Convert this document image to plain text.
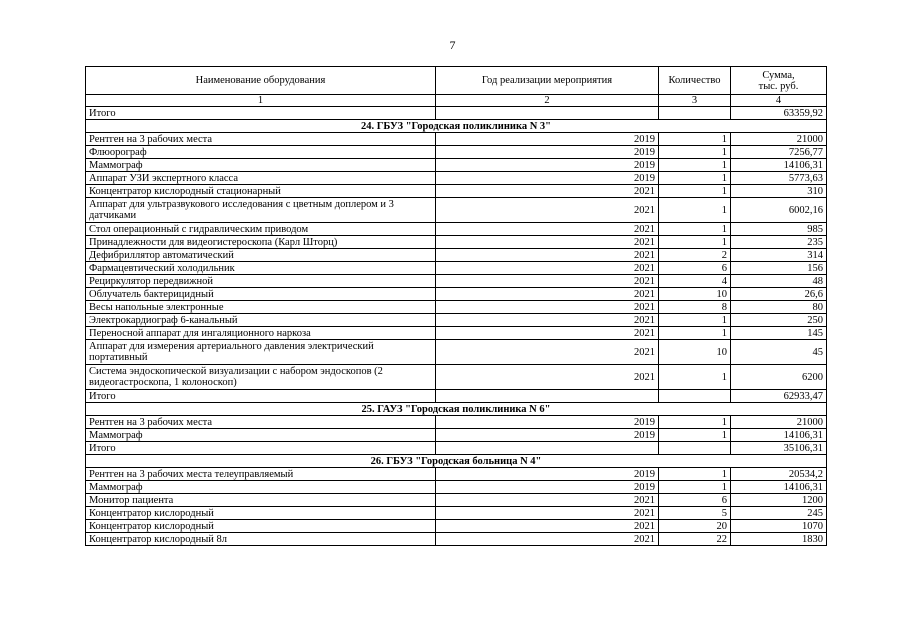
7
Наименование оборудования	Год реализации мероприятия	Количество	Сумма,
тыс. руб.
1	2	3	4
Итого			63359,92
24. ГБУЗ "Городская поликлиника N 3"			
Рентген на 3 рабочих места	2019	1	21000
Флюорограф	2019	1	7256,77
Маммограф	2019	1	14106,31
Аппарат УЗИ экспертного класса	2019	1	5773,63
Концентратор кислородный стационарный	2021	1	310
Аппарат для ультразвукового исследования с цветным доплером и 3 датчиками	2021	1	6002,16
Стол операционный с гидравлическим приводом	2021	1	985
Принадлежности для видеогистероскопа (Карл Шторц)	2021	1	235
Дефибриллятор автоматический	2021	2	314
Фармацевтический холодильник	2021	6	156
Рециркулятор передвижной	2021	4	48
Облучатель бактерицидный	2021	10	26,6
Весы напольные электронные	2021	8	80
Электрокардиограф 6-канальный	2021	1	250
Переносной аппарат для ингаляционного наркоза	2021	1	145
Аппарат для измерения артериального давления электрический портативный	2021	10	45
Система эндоскопической визуализации с набором эндоскопов (2 видеогастроскопа, 1 колоноскоп)	2021	1	6200
Итого			62933,47
25. ГАУЗ "Городская поликлиника N 6"			
Рентген на 3 рабочих места	2019	1	21000
Маммограф	2019	1	14106,31
Итого			35106,31
26. ГБУЗ "Городская больница N 4"			
Рентген на 3 рабочих места телеуправляемый	2019	1	20534,2
Маммограф	2019	1	14106,31
Монитор пациента	2021	6	1200
Концентратор кислородный	2021	5	245
Концентратор кислородный	2021	20	1070
Концентратор кислородный 8л	2021	22	1830
